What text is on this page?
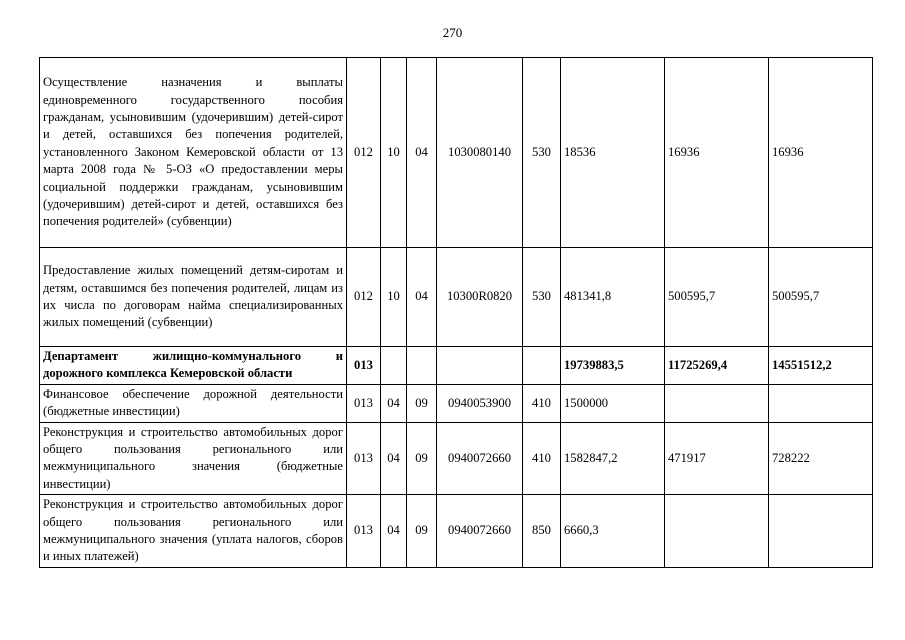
270
Осуществление назначения и выплаты единовременного государственного пособия гражданам, усыновившим (удочерившим) детей-сирот и детей, оставшихся без попечения родителей, установленного Законом Кемеровской области от 13 марта 2008 года № 5-ОЗ «О предоставлении меры социальной поддержки гражданам, усыновившим (удочерившим) детей-сирот и детей, оставшихся без попечения родителей» (субвенции)	012	10	04	1030080140	530	18536	16936	16936
Предоставление жилых помещений детям-сиротам и детям, оставшимся без попечения родителей, лицам из их числа по договорам найма специализированных жилых помещений (субвенции)	012	10	04	10300R0820	530	481341,8	500595,7	500595,7
Департамент жилищно-коммунального и дорожного комплекса Кемеровской области	013					19739883,5	11725269,4	14551512,2
Финансовое обеспечение дорожной деятельности (бюджетные инвестиции)	013	04	09	0940053900	410	1500000		
Реконструкция и строительство автомобильных дорог общего пользования регионального или межмуниципального значения (бюджетные инвестиции)	013	04	09	0940072660	410	1582847,2	471917	728222
Реконструкция и строительство автомобильных дорог общего пользования регионального или межмуниципального значения (уплата налогов, сборов и иных платежей)	013	04	09	0940072660	850	6660,3		
